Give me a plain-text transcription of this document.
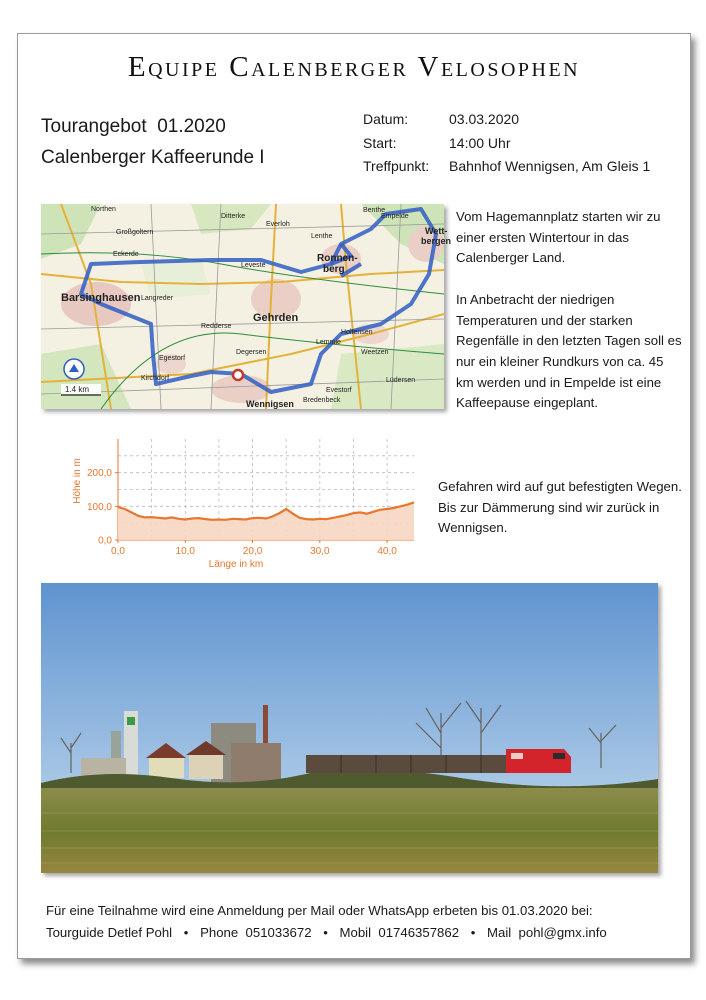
Equipe Calenberger Velosophen
Tourangebot  01.2020
Calenberger Kaffeerunde I
Datum:	03.03.2020
Start:	14:00 Uhr
Treffpunkt:	Bahnhof Wennigsen, Am Gleis 1
Barsinghausen
Gehrden
Ronnen-
berg
Wennigsen
Egestorf
Langreder
Redderse
Weetzen
Lemmie
Degersen
Holtensen
Lenthe
Everloh
Empelde
Wett-
bergen
Northen
Leveste
Eckerde
Großgoltern
Benthe
Bredenbeck
Evestorf
Lüdersen
Ditterke
Kirchdorf
1.4 km

Vom Hagemannplatz starten wir zu einer ersten Wintertour in das Calenberger Land.

In Anbetracht der niedrigen Temperaturen und der starken Regenfälle in den letzten Tagen soll es nur ein kleiner Rundkurs von ca. 45 km werden und in Empelde ist eine Kaffeepause eingeplant.

0,0	10,0	20,0	30,0	40,0
0,0
100,0
200,0
Höhe in m
Länge in km
Gefahren wird auf gut befestigten Wegen. Bis zur Dämmerung sind wir zurück in Wennigsen.
Für eine Teilnahme wird eine Anmeldung per Mail oder WhatsApp erbeten bis 01.03.2020 bei:
Tourguide Detlef Pohl • Phone 051033672 • Mobil 01746357862 • Mail pohl@gmx.info
